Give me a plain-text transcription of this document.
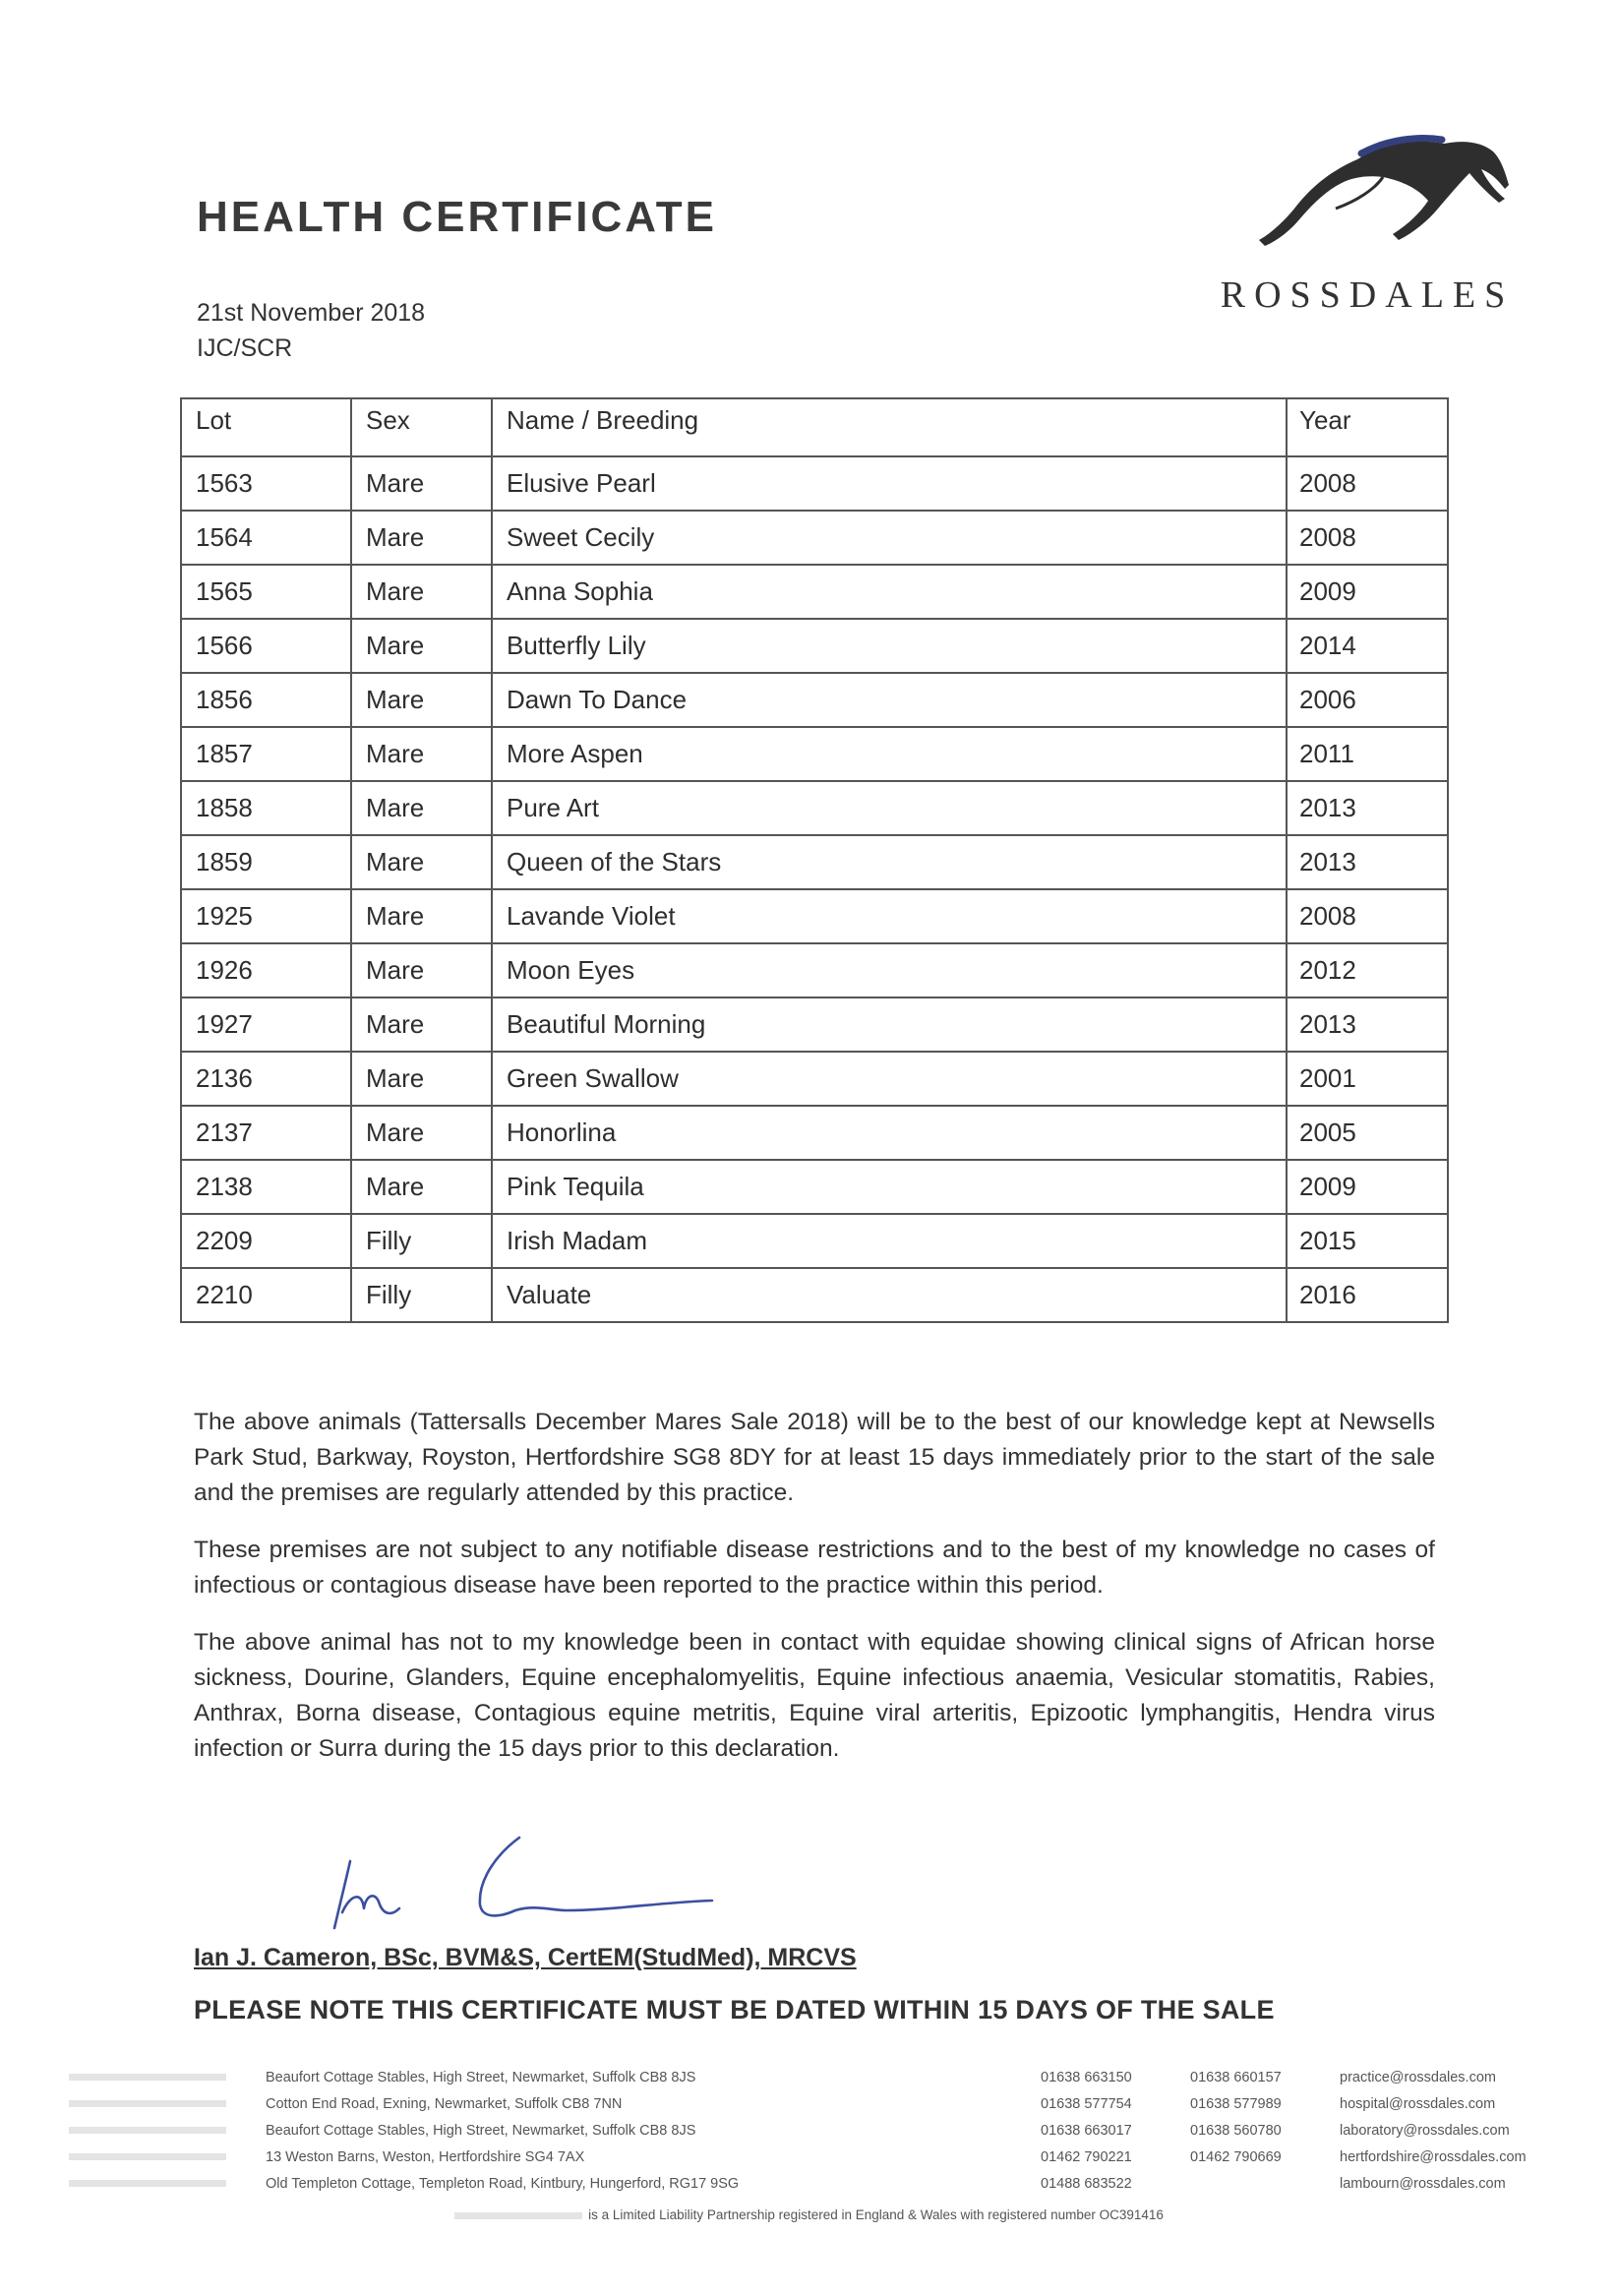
HEALTH CERTIFICATE
21st November 2018
IJC/SCR
ROSSDALES
Lot	Sex	Name / Breeding	Year
1563	Mare	Elusive Pearl	2008
1564	Mare	Sweet Cecily	2008
1565	Mare	Anna Sophia	2009
1566	Mare	Butterfly Lily	2014
1856	Mare	Dawn To Dance	2006
1857	Mare	More Aspen	2011
1858	Mare	Pure Art	2013
1859	Mare	Queen of the Stars	2013
1925	Mare	Lavande Violet	2008
1926	Mare	Moon Eyes	2012
1927	Mare	Beautiful Morning	2013
2136	Mare	Green Swallow	2001
2137	Mare	Honorlina	2005
2138	Mare	Pink Tequila	2009
2209	Filly	Irish Madam	2015
2210	Filly	Valuate	2016
The above animals (Tattersalls December Mares Sale 2018) will be to the best of our knowledge kept at Newsells Park Stud, Barkway, Royston, Hertfordshire SG8 8DY for at least 15 days immediately prior to the start of the sale and the premises are regularly attended by this practice.
These premises are not subject to any notifiable disease restrictions and to the best of my knowledge no cases of infectious or contagious disease have been reported to the practice within this period.
The above animal has not to my knowledge been in contact with equidae showing clinical signs of African horse sickness, Dourine, Glanders, Equine encephalomyelitis, Equine infectious anaemia, Vesicular stomatitis, Rabies, Anthrax, Borna disease, Contagious equine metritis, Equine viral arteritis, Epizootic lymphangitis, Hendra virus infection or Surra during the 15 days prior to this declaration.
Ian J. Cameron, BSc, BVM&S, CertEM(StudMed), MRCVS
PLEASE NOTE THIS CERTIFICATE MUST BE DATED WITHIN 15 DAYS OF THE SALE
	Beaufort Cottage Stables, High Street, Newmarket, Suffolk CB8 8JS	01638 663150	01638 660157	practice@rossdales.com
	Cotton End Road, Exning, Newmarket, Suffolk CB8 7NN	01638 577754	01638 577989	hospital@rossdales.com
	Beaufort Cottage Stables, High Street, Newmarket, Suffolk CB8 8JS	01638 663017	01638 560780	laboratory@rossdales.com
	13 Weston Barns, Weston, Hertfordshire SG4 7AX	01462 790221	01462 790669	hertfordshire@rossdales.com
	Old Templeton Cottage, Templeton Road, Kintbury, Hungerford, RG17 9SG	01488 683522		lambourn@rossdales.com
is a Limited Liability Partnership registered in England & Wales with registered number OC391416
